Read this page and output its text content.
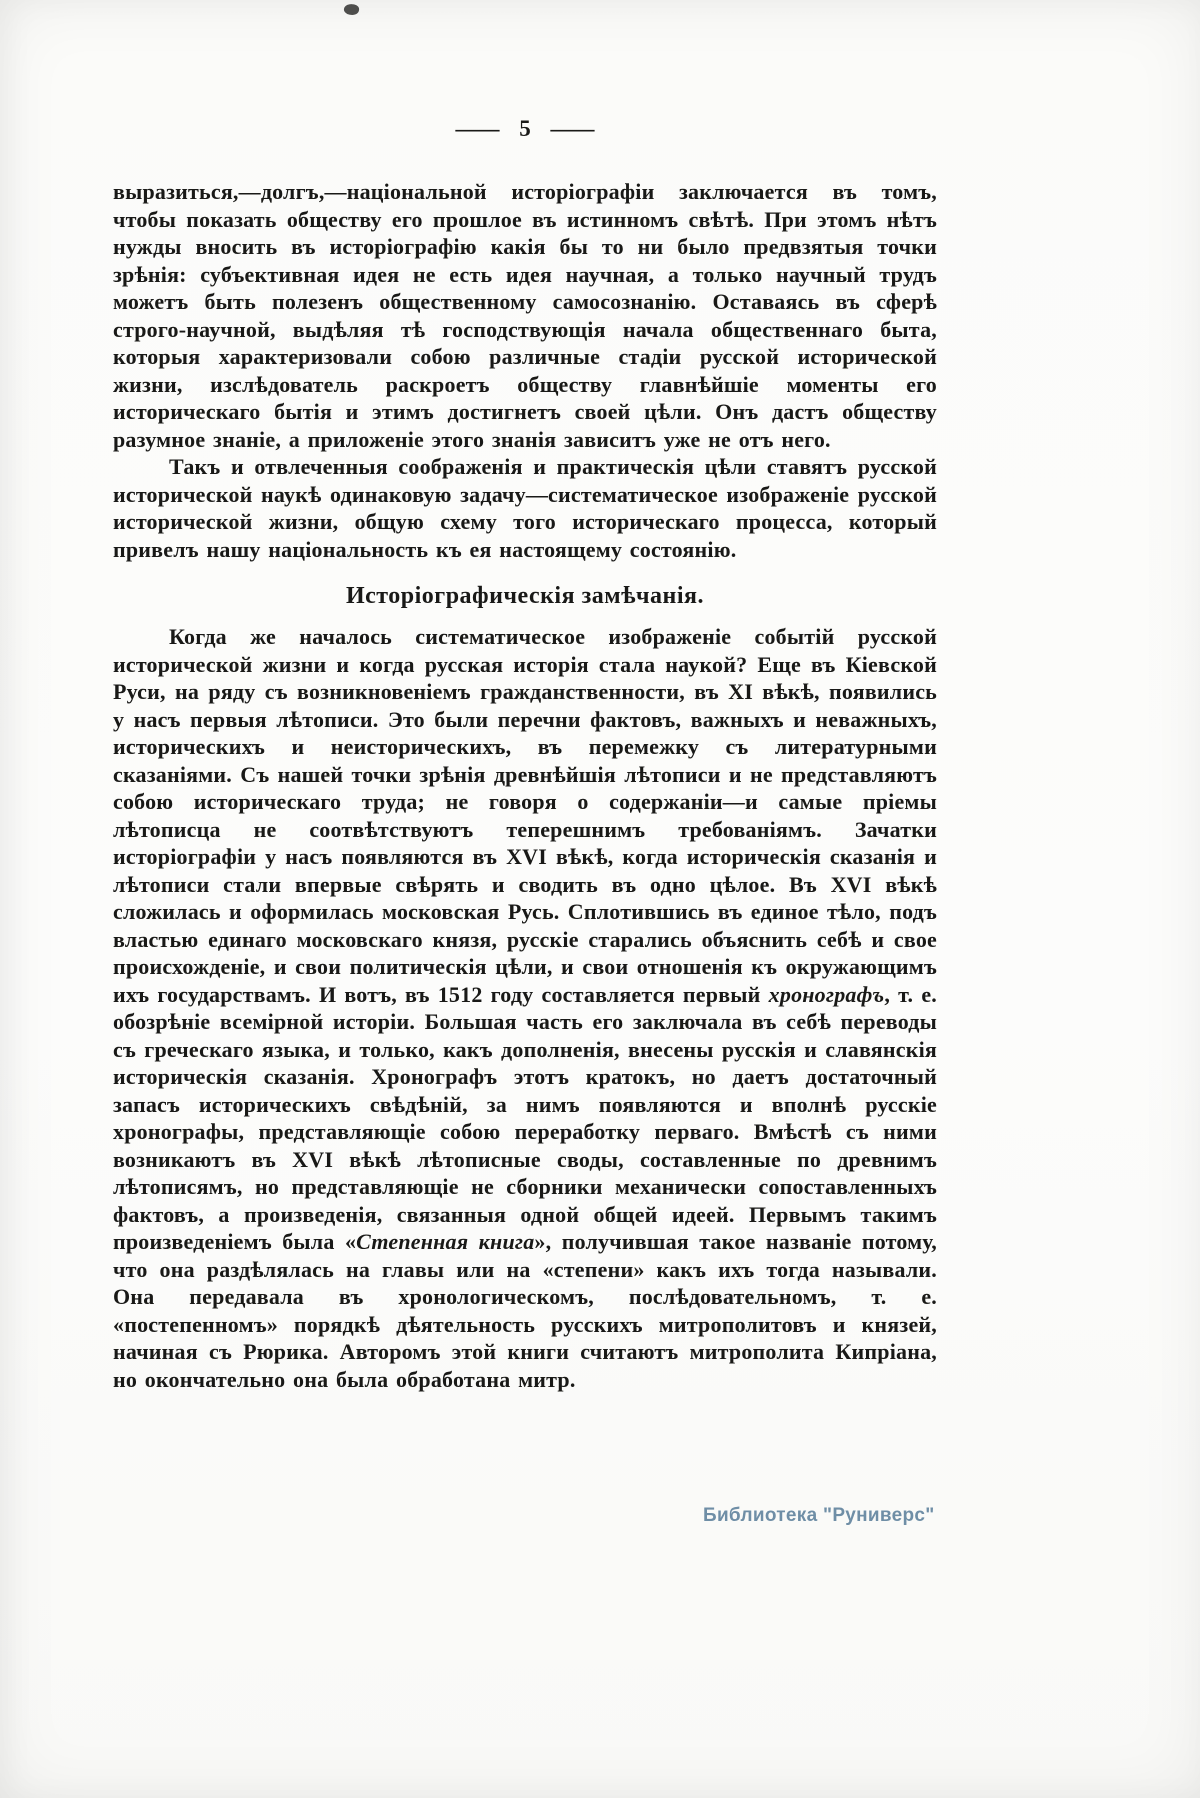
— 5 —

выразиться,—долгъ,—національной исторіографіи заключается въ томъ, чтобы показать обществу его прошлое въ истинномъ свѣтѣ. При этомъ нѣтъ нужды вносить въ исторіографію какія бы то ни было предвзятыя точки зрѣнія: субъективная идея не есть идея научная, а только научный трудъ можетъ быть полезенъ общественному самосознанію. Оставаясь въ сферѣ строго-научной, выдѣляя тѣ господствующія начала общественнаго быта, которыя характеризовали собою различные стадіи русской исторической жизни, изслѣдователь раскроетъ обществу главнѣйшіе моменты его историческаго бытія и этимъ достигнетъ своей цѣли. Онъ дастъ обществу разумное знаніе, а приложеніе этого знанія зависитъ уже не отъ него.

Такъ и отвлеченныя соображенія и практическія цѣли ставятъ русской исторической наукѣ одинаковую задачу—систематическое изображеніе русской исторической жизни, общую схему того историческаго процесса, который привелъ нашу національность къ ея настоящему состоянію.

Исторіографическія замѣчанія.

Когда же началось систематическое изображеніе событій русской исторической жизни и когда русская исторія стала наукой? Еще въ Кіевской Руси, на ряду съ возникновеніемъ гражданственности, въ XI вѣкѣ, появились у насъ первыя лѣтописи. Это были перечни фактовъ, важныхъ и неважныхъ, историческихъ и неисторическихъ, въ перемежку съ литературными сказаніями. Съ нашей точки зрѣнія древнѣйшія лѣтописи и не представляютъ собою историческаго труда; не говоря о содержаніи—и самые пріемы лѣтописца не соотвѣтствуютъ теперешнимъ требованіямъ. Зачатки исторіографіи у насъ появляются въ XVI вѣкѣ, когда историческія сказанія и лѣтописи стали впервые свѣрять и сводить въ одно цѣлое. Въ XVI вѣкѣ сложилась и оформилась московская Русь. Сплотившись въ единое тѣло, подъ властью единаго московскаго князя, русскіе старались объяснить себѣ и свое происхожденіе, и свои политическія цѣли, и свои отношенія къ окружающимъ ихъ государствамъ. И вотъ, въ 1512 году составляется первый хронографъ, т. е. обозрѣніе всемірной исторіи. Большая часть его заключала въ себѣ переводы съ греческаго языка, и только, какъ дополненія, внесены русскія и славянскія историческія сказанія. Хронографъ этотъ кратокъ, но даетъ достаточный запасъ историческихъ свѣдѣній, за нимъ появляются и вполнѣ русскіе хронографы, представляющіе собою переработку перваго. Вмѣстѣ съ ними возникаютъ въ XVI вѣкѣ лѣтописные своды, составленные по древнимъ лѣтописямъ, но представляющіе не сборники механически сопоставленныхъ фактовъ, а произведенія, связанныя одной общей идеей. Первымъ такимъ произведеніемъ была «Степенная книга», получившая такое названіе потому, что она раздѣлялась на главы или на «степени» какъ ихъ тогда называли. Она передавала въ хронологическомъ, послѣдовательномъ, т. е. «постепенномъ» порядкѣ дѣятельность русскихъ митрополитовъ и князей, начиная съ Рюрика. Авторомъ этой книги считаютъ митрополита Кипріана, но окончательно она была обработана митр.

Библиотека "Руниверс"
